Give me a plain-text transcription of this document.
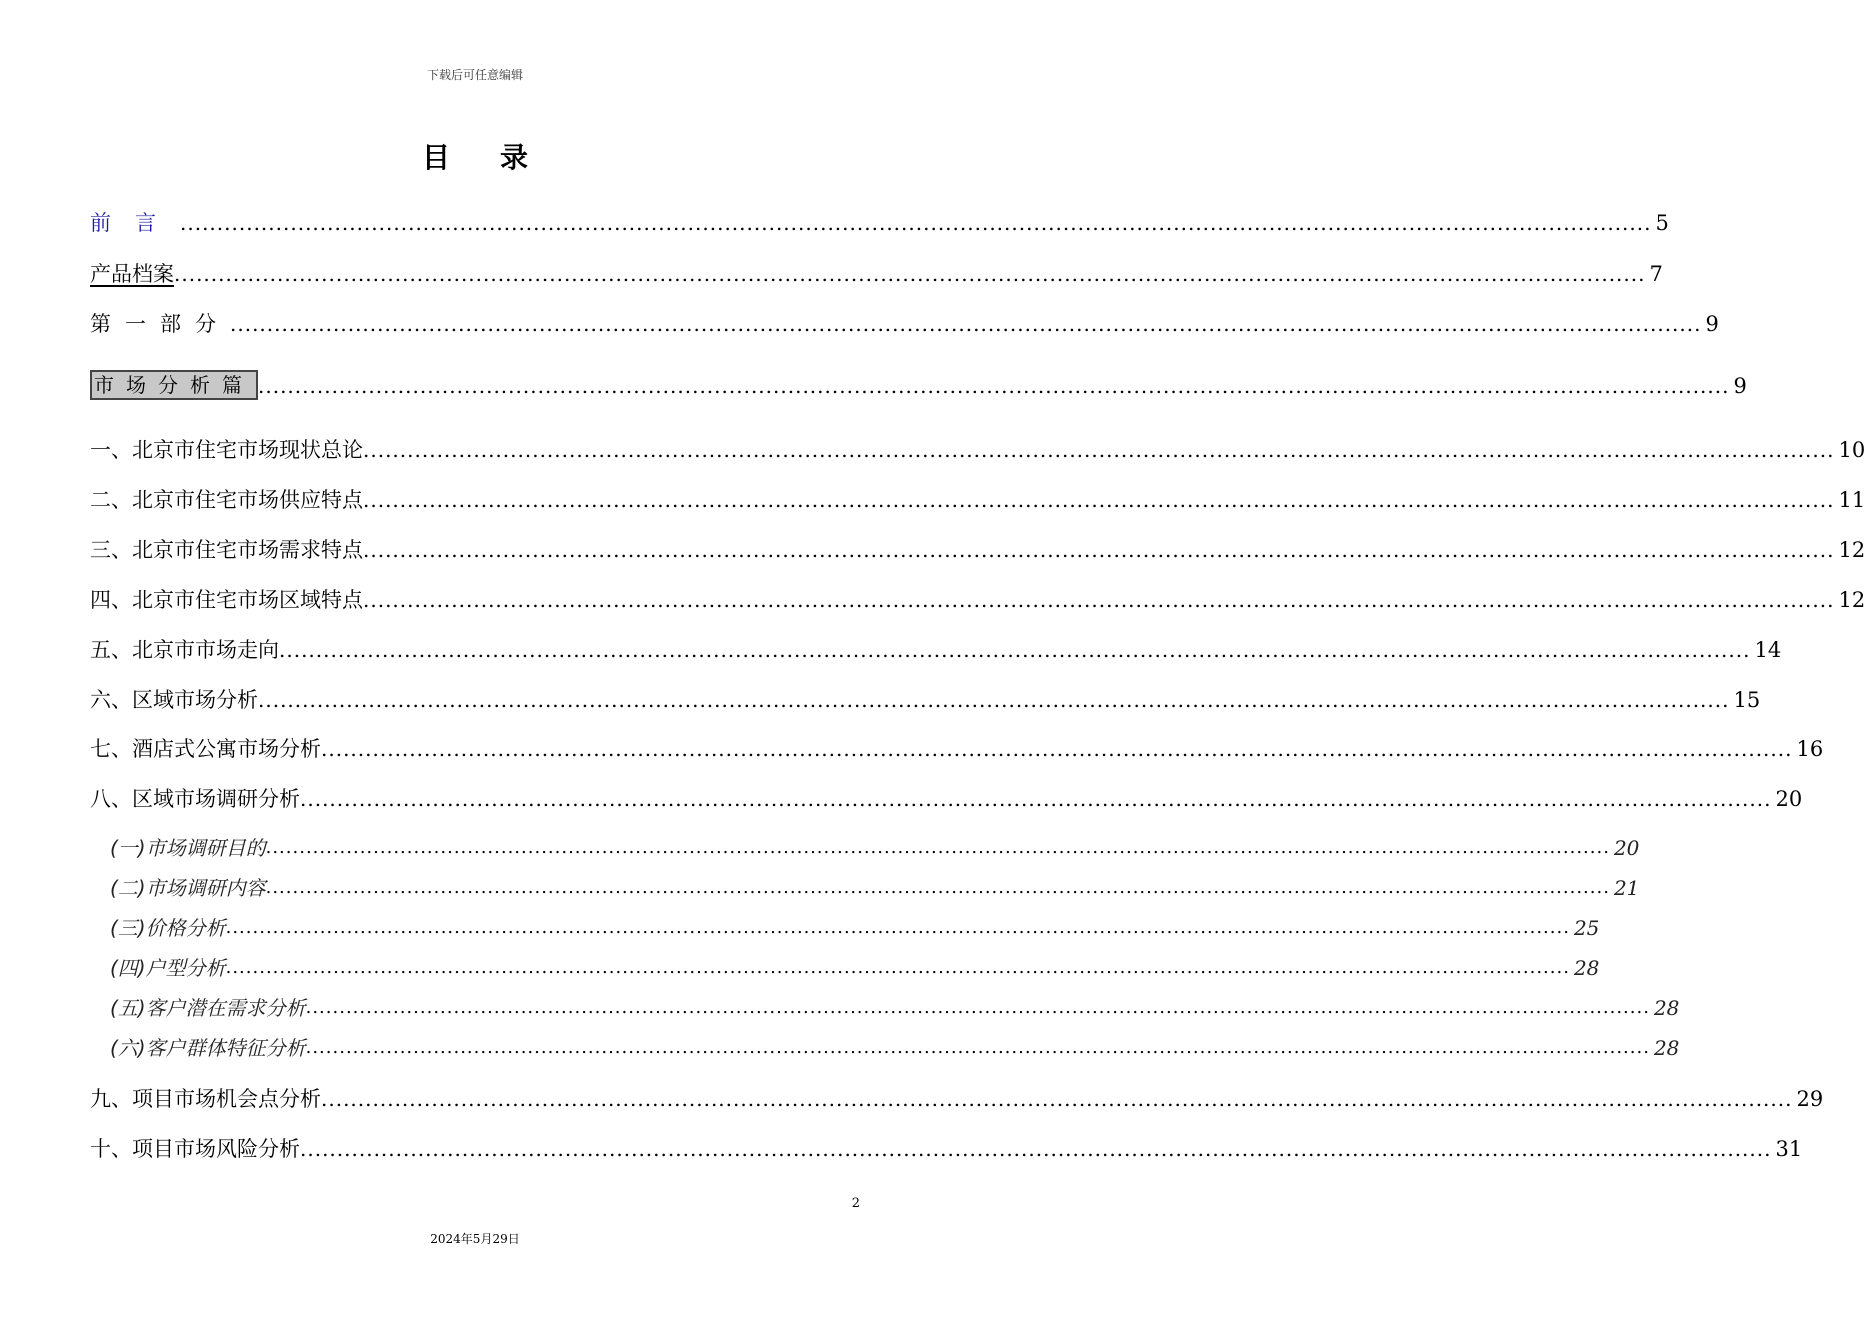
下载后可任意编辑
目录
前言 ........................................................................................................................................................................................................ 5
产品档案 ........................................................................................................................................................................................................ 7
第一部分 ........................................................................................................................................................................................................ 9
市场分析篇 ........................................................................................................................................................................................................ 9
一、北京市住宅市场现状总论 ........................................................................................................................................................................................................ 10
二、北京市住宅市场供应特点 ........................................................................................................................................................................................................ 11
三、北京市住宅市场需求特点 ........................................................................................................................................................................................................ 12
四、北京市住宅市场区域特点 ........................................................................................................................................................................................................ 12
五、北京市市场走向 ........................................................................................................................................................................................................ 14
六、区域市场分析 ........................................................................................................................................................................................................ 15
七、酒店式公寓市场分析 ........................................................................................................................................................................................................ 16
八、区域市场调研分析 ........................................................................................................................................................................................................ 20
(一)市场调研目的 ........................................................................................................................................................................................................ 20
(二)市场调研内容 ........................................................................................................................................................................................................ 21
(三)价格分析 ........................................................................................................................................................................................................ 25
(四)户型分析 ........................................................................................................................................................................................................ 28
(五)客户潜在需求分析 ........................................................................................................................................................................................................ 28
(六)客户群体特征分析 ........................................................................................................................................................................................................ 28
九、项目市场机会点分析 ........................................................................................................................................................................................................ 29
十、项目市场风险分析 ........................................................................................................................................................................................................ 31
2
2024年5月29日
